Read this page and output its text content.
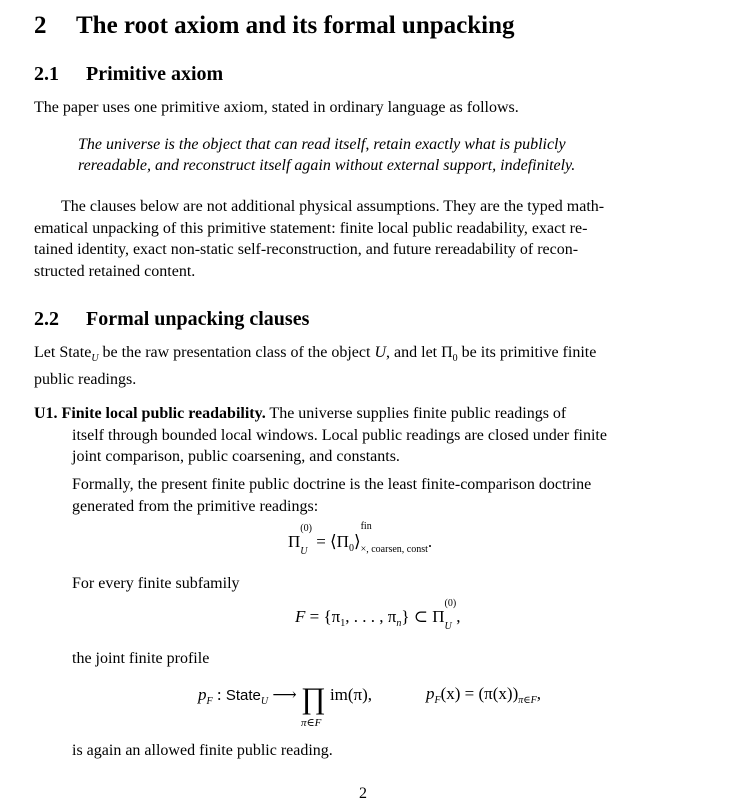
2 The root axiom and its formal unpacking
2.1 Primitive axiom

The paper uses one primitive axiom, stated in ordinary language as follows.

The universe is the object that can read itself, retain exactly what is publicly
rereadable, and reconstruct itself again without external support, indefinitely.
The clauses below are not additional physical assumptions. They are the typed math-
ematical unpacking of this primitive statement: finite local public readability, exact re-
tained identity, exact non-static self-reconstruction, and future rereadability of recon-
structed retained content.
2.2 Formal unpacking clauses
Let State$_U$ be the raw presentation class of the object U, and let $\Pi_0$ be its primitive finite
public readings.
U1. Finite local public readability. The universe supplies finite public readings of
itself through bounded local windows. Local public readings are closed under finite
joint comparison, public coarsening, and constants.
Formally, the present finite public doctrine is the least finite-comparison doctrine
generated from the primitive readings:
Π
(0)
U
= $⟨\Pi_0⟩$
fin
×, coarsen, const .

For every finite subfamily

$F = \{\pi_1$, . . . , $\pi_n$} ⊂ Π
(0)
U
,

the joint finite profile

$p_F$ : State$_U$ ⟶ ∏
π∈F
im(π),	$p_F(x) = (\pi(x))_{\pi\in F}$,

is again an allowed finite public reading.

2
